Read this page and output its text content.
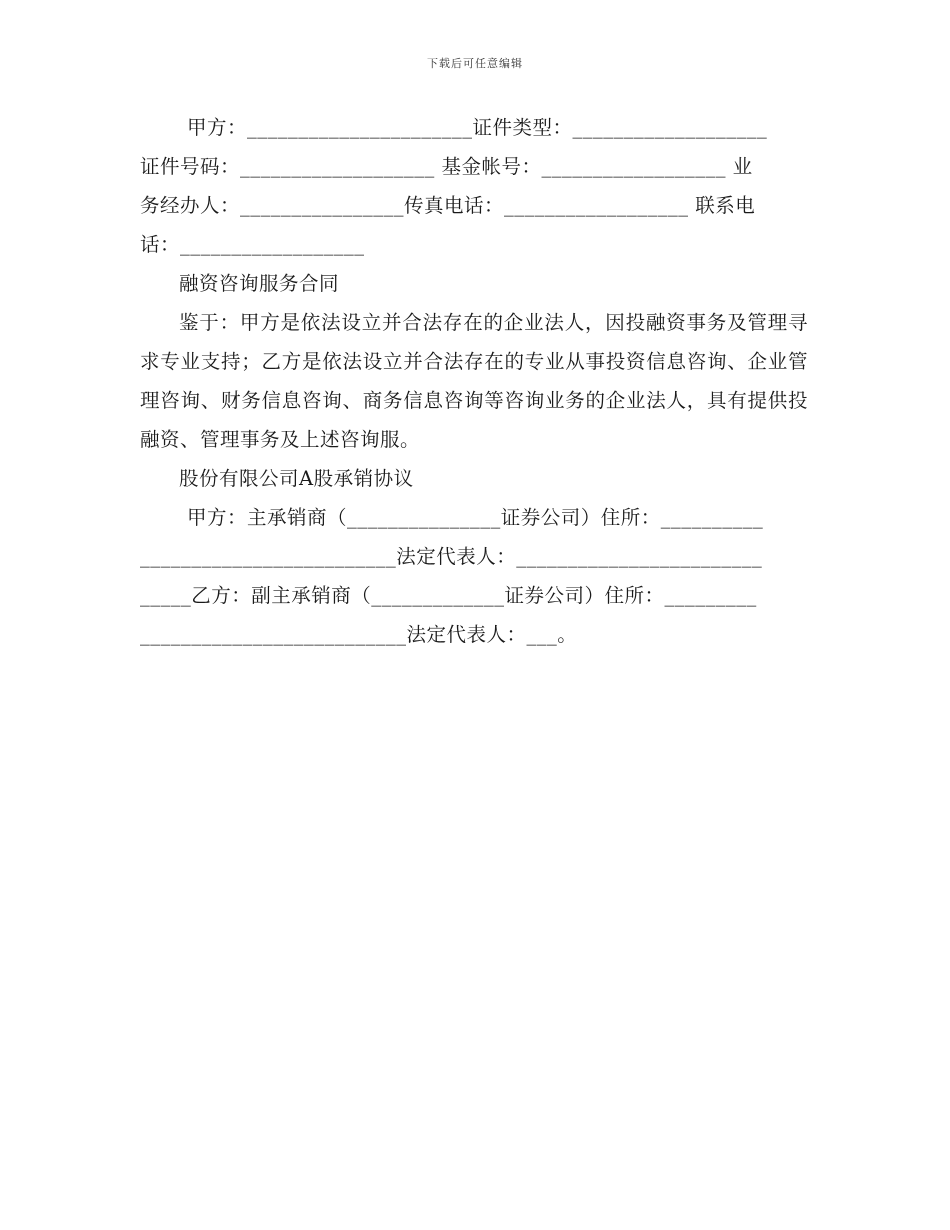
下载后可任意编辑
甲方：______________________证件类型：___________________
证件号码：___________________ 基金帐号：__________________ 业
务经办人：________________传真电话：__________________ 联系电
话：__________________

融资咨询服务合同

鉴于：甲方是依法设立并合法存在的企业法人，因投融资事务及管理寻求专业支持；乙方是依法设立并合法存在的专业从事投资信息咨询、企业管理咨询、财务信息咨询、商务信息咨询等咨询业务的企业法人，具有提供投融资、管理事务及上述咨询服。

股份有限公司A股承销协议

甲方：主承销商（_______________证券公司）住所：__________
_________________________法定代表人：________________________
_____乙方：副主承销商（_____________证券公司）住所：_________
__________________________法定代表人：___。
